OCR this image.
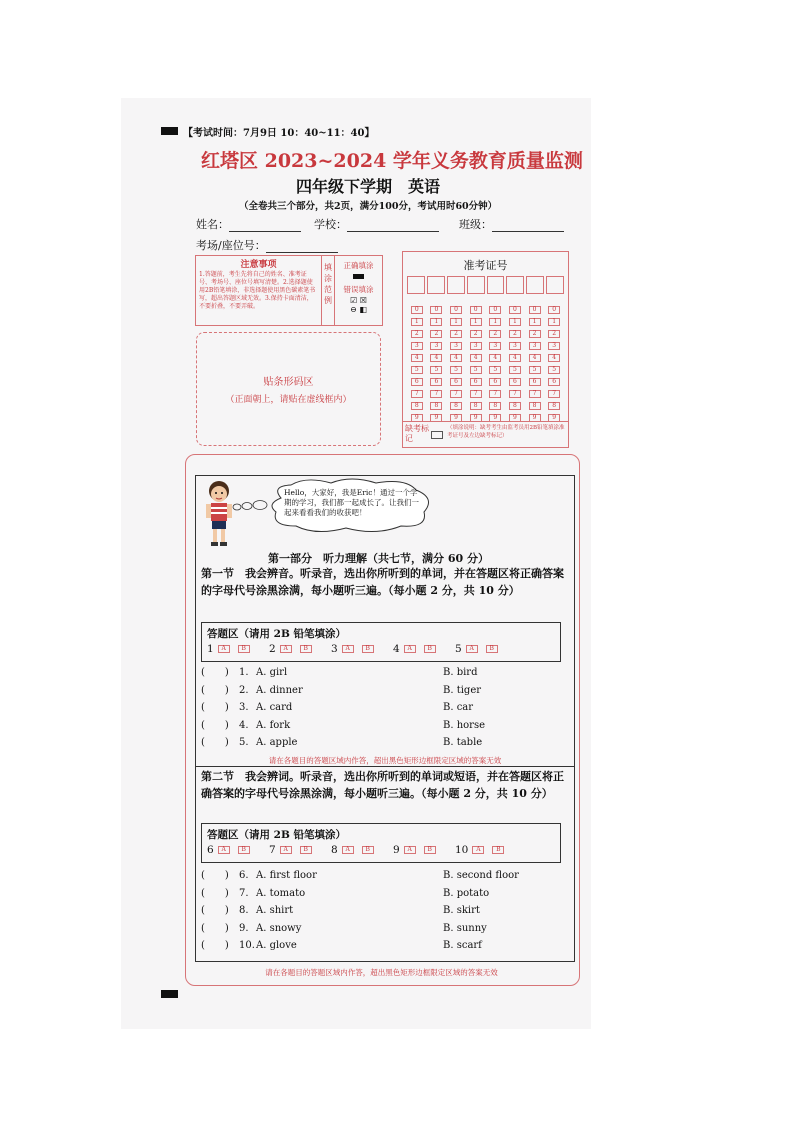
【考试时间：7月9日 10：40~11：40】
红塔区 2023~2024 学年义务教育质量监测
四年级下学期　英语
（全卷共三个部分，共2页，满分100分，考试用时60分钟）
姓名：	学校：	班级：
考场/座位号：
注意事项
1.答题前，考生先将自己的姓名、准考证号、考场号、座位号填写清楚。2.选择题使用2B铅笔填涂，非选择题使用黑色碳素笔书写，超出答题区域无效。3.保持卡面清洁，不要折叠，不要弄破。
填涂范例
正确填涂
错误填涂
☑ ☒
⊖ ◧
准考证号
0	0	0	0	0	0	0	0
1	1	1	1	1	1	1	1
2	2	2	2	2	2	2	2
3	3	3	3	3	3	3	3
4	4	4	4	4	4	4	4
5	5	5	5	5	5	5	5
6	6	6	6	6	6	6	6
7	7	7	7	7	7	7	7
8	8	8	8	8	8	8	8
9	9	9	9	9	9	9	9
缺考标记
（填涂说明：缺考考生由监考员用2B铅笔填涂准考证号及左边缺考标记）
贴条形码区
（正面朝上，请贴在虚线框内）
Hello，大家好，我是Eric！通过一个学期的学习，我们都一起成长了。让我们一起来看看我们的收获吧！
第一部分　听力理解（共七节，满分 60 分）
第一节　我会辨音。听录音，选出你所听到的单词，并在答题区将正确答案的字母代号涂黑涂满，每小题听三遍。（每小题 2 分，共 10 分）
答题区（请用 2B 铅笔填涂）
1 A	B	2 A	B	3 A	B	4 A	B	5 A	B
(　　) 1. A. girl	B. bird
(　　) 2. A. dinner	B. tiger
(　　) 3. A. card	B. car
(　　) 4. A. fork	B. horse
(　　) 5. A. apple	B. table
请在各题目的答题区域内作答，超出黑色矩形边框限定区域的答案无效
第二节　我会辨词。听录音，选出你所听到的单词或短语，并在答题区将正确答案的字母代号涂黑涂满，每小题听三遍。（每小题 2 分，共 10 分）
答题区（请用 2B 铅笔填涂）
6 A	B	7 A	B	8 A	B	9 A	B	10 A	B
(　　) 6. A. first floor	B. second floor
(　　) 7. A. tomato	B. potato
(　　) 8. A. shirt	B. skirt
(　　) 9. A. snowy	B. sunny
(　　) 10. A. glove	B. scarf
请在各题目的答题区域内作答，超出黑色矩形边框限定区域的答案无效
